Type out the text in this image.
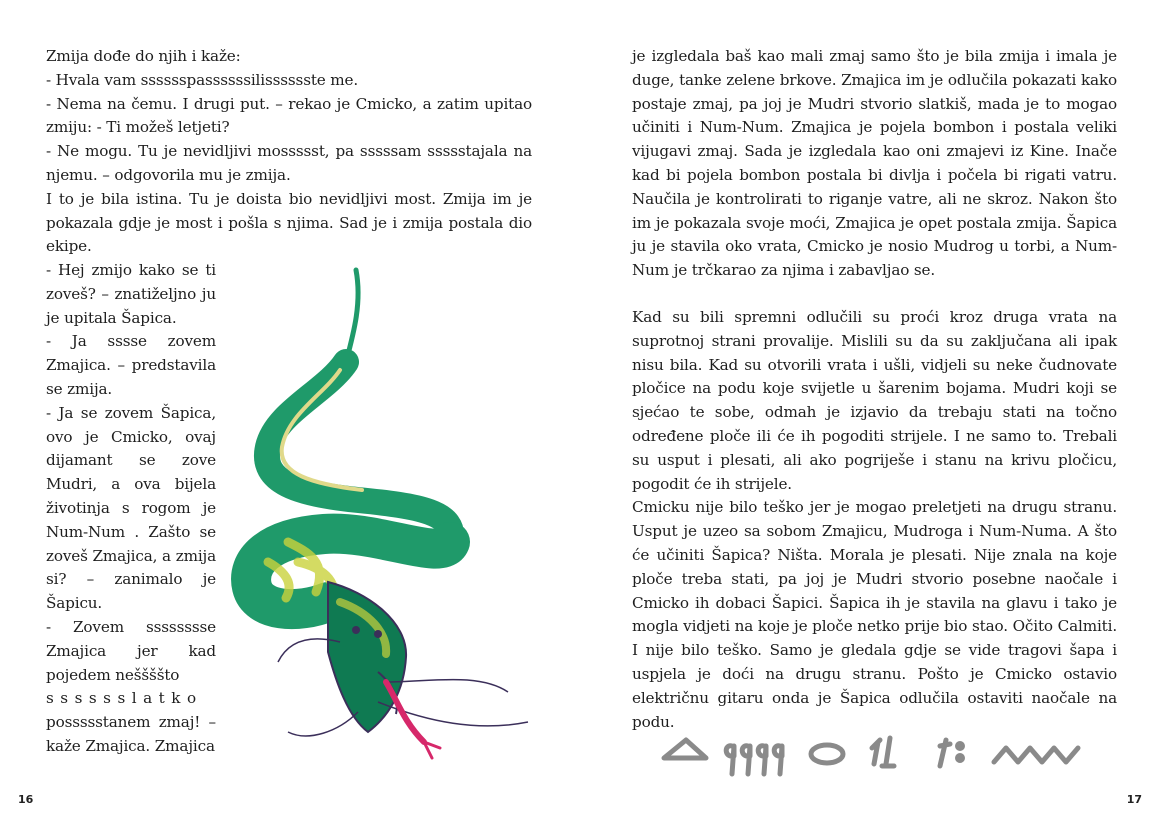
Zmija dođe do njih i kaže:

- Hvala vam sssssspassssssilisssssste me.

- Nema na čemu. I drugi put. – rekao je Cmicko, a zatim upitao zmiju: - Ti možeš letjeti?

- Ne mogu. Tu je nevidljivi mossssst, pa sssssam ssssstajala na njemu. – odgovorila mu je zmija.

I to je bila istina. Tu je doista bio nevidljivi most. Zmija im je pokazala gdje je most i pošla s njima. Sad je i zmija postala dio ekipe.

- Hej zmijo kako se ti zoveš? – znatiželjno ju je upitala Šapica.

- Ja sssse zovem Zmajica. – predstavila se zmija.

- Ja se zovem Šapica, ovo je Cmicko, ovaj dijamant se zove Mudri, a ova bijela životinja s rogom je Num-Num . Zašto se zoveš Zmajica, a zmija si? – zanimalo je Šapicu.

- Zovem sssssssse Zmajica jer kad pojedem neššššto

sssssslatko

possssstanem zmaj! – kaže Zmajica. Zmajica

16
je izgledala baš kao mali zmaj samo što je bila zmija i imala je duge, tanke zelene brkove. Zmajica im je odlučila pokazati kako postaje zmaj, pa joj je Mudri stvorio slatkiš, mada je to mogao učiniti i Num-Num. Zmajica je pojela bombon i postala veliki vijugavi zmaj. Sada je izgledala kao oni zmajevi iz Kine. Inače kad bi pojela bombon postala bi divlja i počela bi rigati vatru. Naučila je kontrolirati to riganje vatre, ali ne skroz. Nakon što im je pokazala svoje moći, Zmajica je opet postala zmija. Šapica ju je stavila oko vrata, Cmicko je nosio Mudrog u torbi, a Num-Num je trčkarao za njima i zabavljao se.

Kad su bili spremni odlučili su proći kroz druga vrata na suprotnoj strani provalije. Mislili su da su zaključana ali ipak nisu bila. Kad su otvorili vrata i ušli, vidjeli su neke čudnovate pločice na podu koje svijetle u šarenim bojama. Mudri koji se sjećao te sobe, odmah je izjavio da trebaju stati na točno određene ploče ili će ih pogoditi strijele. I ne samo to. Trebali su usput i plesati, ali ako pogriješe i stanu na krivu pločicu, pogodit će ih strijele.

Cmicku nije bilo teško jer je mogao preletjeti na drugu stranu. Usput je uzeo sa sobom Zmajicu, Mudroga i Num-Numa. A što će učiniti Šapica? Ništa. Morala je plesati. Nije znala na koje ploče treba stati, pa joj je Mudri stvorio posebne naočale i Cmicko ih dobaci Šapici. Šapica ih je stavila na glavu i tako je mogla vidjeti na koje je ploče netko prije bio stao. Očito Calmiti. I nije bilo teško. Samo je gledala gdje se vide tragovi šapa i uspjela je doći na drugu stranu. Pošto je Cmicko ostavio električnu gitaru onda je Šapica odlučila ostaviti naočale na podu.

17
